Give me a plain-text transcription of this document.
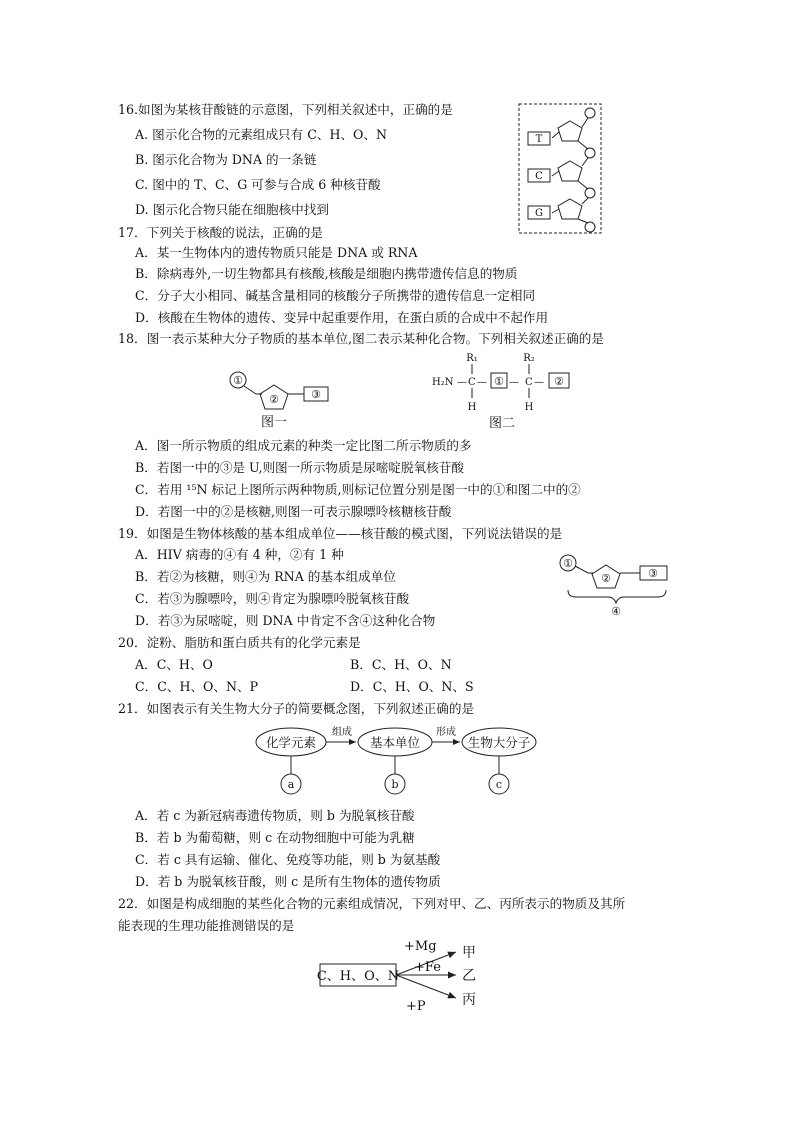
16.如图为某核苷酸链的示意图，下列相关叙述中，正确的是
A. 图示化合物的元素组成只有 C、H、O、N
B. 图示化合物为 DNA 的一条链
C. 图中的 T、C、G 可参与合成 6 种核苷酸
D. 图示化合物只能在细胞核中找到
T
C
G
17．下列关于核酸的说法，正确的是
A．某一生物体内的遗传物质只能是 DNA 或 RNA
B．除病毒外,一切生物都具有核酸,核酸是细胞内携带遗传信息的物质
C．分子大小相同、碱基含量相同的核酸分子所携带的遗传信息一定相同
D．核酸在生物体的遗传、变异中起重要作用，在蛋白质的合成中不起作用
18．图一表示某种大分子物质的基本单位,图二表示某种化合物。下列相关叙述正确的是
①
②	③
图一
R₁	R₂
H₂N — C — — C —
①	②
H	H
图二
A．图一所示物质的组成元素的种类一定比图二所示物质的多
B．若图一中的③是 U,则图一所示物质是尿嘧啶脱氧核苷酸
C．若用 ¹⁵N 标记上图所示两种物质,则标记位置分别是图一中的①和图二中的②
D．若图一中的②是核糖,则图一可表示腺嘌呤核糖核苷酸
19．如图是生物体核酸的基本组成单位——核苷酸的模式图，下列说法错误的是
A．HIV 病毒的④有 4 种，②有 1 种
B．若②为核糖，则④为 RNA 的基本组成单位
C．若③为腺嘌呤，则④肯定为腺嘌呤脱氧核苷酸
D．若③为尿嘧啶，则 DNA 中肯定不含④这种化合物
①
②	③
④
20．淀粉、脂肪和蛋白质共有的化学元素是
A．C、H、O	B．C、H、O、N
C．C、H、O、N、P	D．C、H、O、N、S
21．如图表示有关生物大分子的简要概念图，下列叙述正确的是
化学元素	基本单位	生物大分子
组成	形成
a	b	c
A．若 c 为新冠病毒遗传物质，则 b 为脱氧核苷酸
B．若 b 为葡萄糖，则 c 在动物细胞中可能为乳糖
C．若 c 具有运输、催化、免疫等功能，则 b 为氨基酸
D．若 b 为脱氧核苷酸，则 c 是所有生物体的遗传物质
22．如图是构成细胞的某些化合物的元素组成情况，下列对甲、乙、丙所表示的物质及其所
能表现的生理功能推测错误的是
C、H、O、N
+Mg
+Fe
+P
甲
乙
丙
